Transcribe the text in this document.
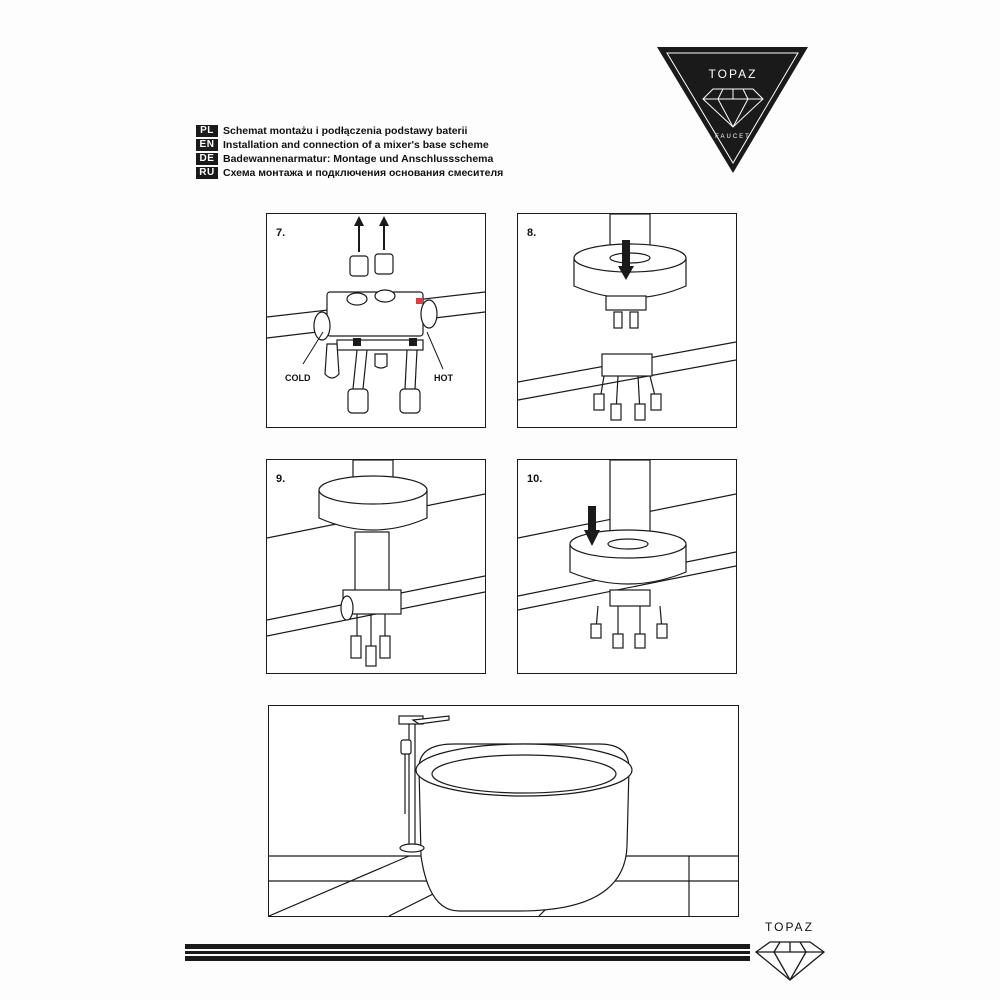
TOPAZ
FAUCET
PL Schemat montażu i podłączenia podstawy baterii
EN Installation and connection of a mixer's base scheme
DE Badewannenarmatur: Montage und Anschlussschema
RU Схема монтажа и подключения основания смесителя
7.
COLD	HOT
8.
9.	10.
TOPAZ
